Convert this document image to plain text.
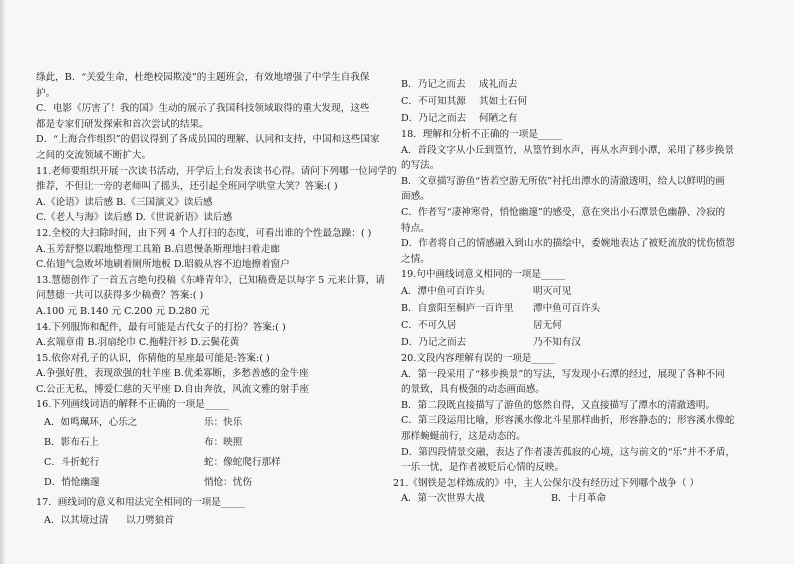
绦此，B．“关爱生命，杜绝校园欺凌”的主题班会，有效地增强了中学生自我保
护。
C．电影《厉害了！我的国》生动的展示了我国科技领域取得的重大发现，这些
都是专家们研发探索和首次尝试的结果。
D．“上海合作组织”的倡议得到了各成员国的理解、认同和支持，中国和这些国家
之间的交流领域不断扩大。
11.老师要组织开展一次读书活动，开学后上台发表读书心得。请问下列哪一位同学的
推荐，不但让一旁的老师叫了摇头，还引起全班同学哄堂大笑？答案:( )
A.《论语》读后感 B.《三国演义》读后感
C.《老人与海》读后感 D.《世说新语》读后感
12.全校的大扫除时间，由下列 4 个人打扫的态度，可看出谁的个性最急躁：( )
A.玉芳舒整以暇地整理工具箱 B.启恩慢条斯理地扫着走廊
C.佑翅气急败坏地刷着厕所地板 D.昭毅从容不迫地擦着窗户
13.慧德创作了一首五言绝句投稿《东峰青年》，已知稿费是以每字 5 元来计算，请
问慧德一共可以获得多少稿费？答案:( )
A.100 元 B.140 元 C.200 元 D.280 元
14.下列服饰和配件，最有可能是古代女子的打扮？答案:( )
A.玄端章甫 B.羽扇纶巾 C.拖鞋汗衫 D.云鬓花黄
15.依你对孔子的认识，你猜他的星座最可能是:答案:( )
A.争强好胜，表现欲强的牡羊座 B.优柔寡断，多愁善感的金牛座
C.公正无私，博爱仁慈的天平座 D.自由奔放，风流文雅的射手座
16.下列画线词语的解释不正确的一项是_____
A．如鸣珮环，心乐之	乐：快乐
B．影布石上	布：映照
C．斗折蛇行	蛇：像蛇爬行那样
D．悄怆幽邃	悄怆：忧伤
17．画线词的意义和用法完全相同的一项是_____
A．以其境过清	以刀劈狼首
B．乃记之而去	成礼而去
C．不可知其源	其如土石何
D．乃记之而去	何陋之有
18．理解和分析不正确的一项是_____
A．首段文字从小丘到篁竹，从篁竹到水声，再从水声到小潭，采用了移步换景
的写法。
B．文章描写游鱼“皆若空游无所依”衬托出潭水的清澈透明，给人以鲜明的画
面感。
C．作者写“凄神寒骨，悄怆幽邃”的感受，意在突出小石潭景色幽静、冷寂的
特点。
D．作者将自己的情感融入到山水的描绘中，委婉地表达了被贬流放的忧伤愤怨
之情。
19.句中画线词意义相同的一项是_____
A．潭中鱼可百许头	明灭可见
B．自蛮阳至桐庐一百许里	潭中鱼可百许头
C．不可久居	居无何
D．乃记之而去	乃不知有汉
20.文段内容理解有误的一项是_____
A．第一段采用了“移步换景”的写法，写发现小石潭的经过，展现了各种不同
的景致，具有极强的动态画面感。
B．第二段既直接描写了游鱼的悠然自得，又直接描写了潭水的清澈透明。
C．第三段运用比喻，形容溪水像北斗星那样曲折，形容静态的；形容溪水像蛇
那样蜿蜒前行，这是动态的。
D．第四段情景交融，表达了作者凄苦孤寂的心境，这与前文的“乐”并不矛盾，
一乐一忧，是作者被贬后心情的反映。
21.《钢铁是怎样炼成的》中，主人公保尔没有经历过下列哪个战争（ ）
A．第一次世界大战	B．十月革命
